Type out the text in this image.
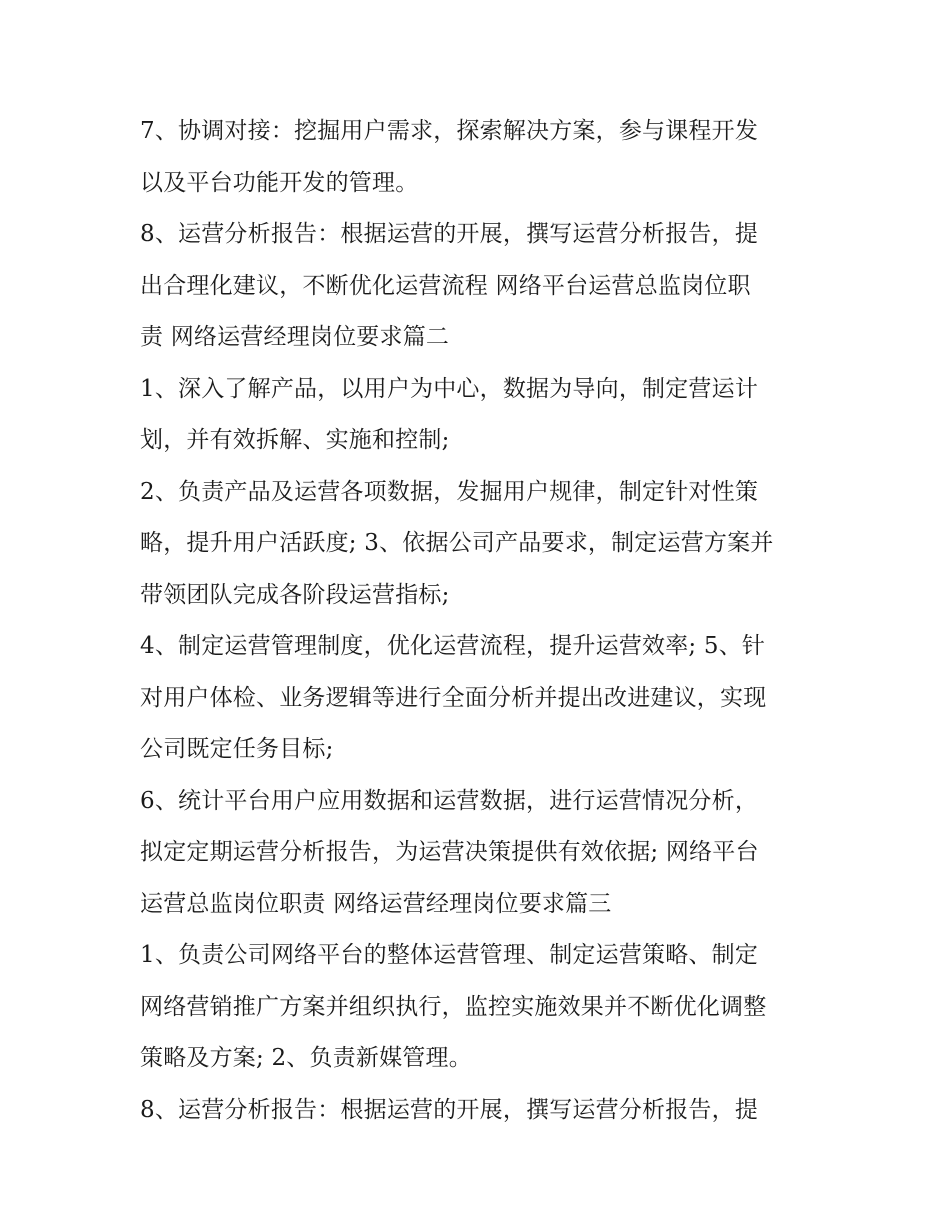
7、协调对接：挖掘用户需求，探索解决方案，参与课程开发
以及平台功能开发的管理。
8、运营分析报告：根据运营的开展，撰写运营分析报告，提
出合理化建议，不断优化运营流程 网络平台运营总监岗位职
责 网络运营经理岗位要求篇二
1、深入了解产品，以用户为中心，数据为导向，制定营运计
划，并有效拆解、实施和控制;
2、负责产品及运营各项数据，发掘用户规律，制定针对性策
略，提升用户活跃度; 3、依据公司产品要求，制定运营方案并
带领团队完成各阶段运营指标;
4、制定运营管理制度，优化运营流程，提升运营效率; 5、针
对用户体检、业务逻辑等进行全面分析并提出改进建议，实现
公司既定任务目标;
6、统计平台用户应用数据和运营数据，进行运营情况分析，
拟定定期运营分析报告，为运营决策提供有效依据; 网络平台
运营总监岗位职责 网络运营经理岗位要求篇三
1、负责公司网络平台的整体运营管理、制定运营策略、制定
网络营销推广方案并组织执行，监控实施效果并不断优化调整
策略及方案; 2、负责新媒管理。
8、运营分析报告：根据运营的开展，撰写运营分析报告，提
